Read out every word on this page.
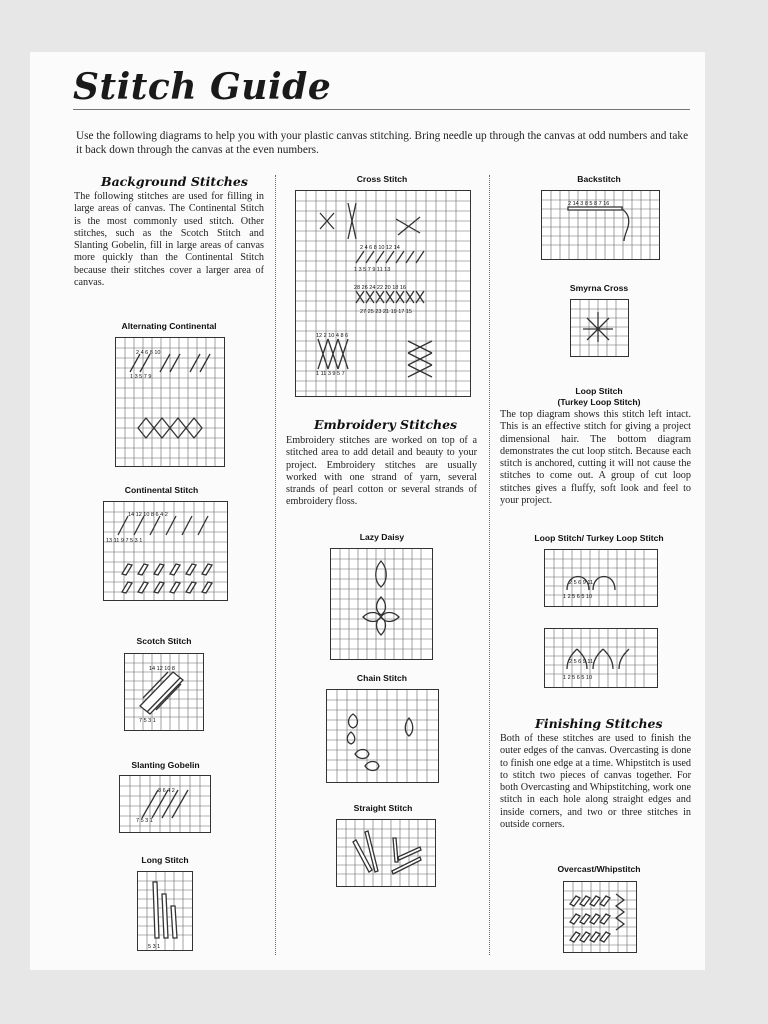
Stitch Guide

Use the following diagrams to help you with your plastic canvas stitching. Bring needle up through the canvas at odd numbers and take it back down through the canvas at the even numbers.

Background Stitches

The following stitches are used for filling in large areas of canvas. The Continental Stitch is the most commonly used stitch. Other stitches, such as the Scotch Stitch and Slanting Gobelin, fill in large areas of canvas more quickly than the Continental Stitch because their stitches cover a larger area of canvas.

Alternating Continental
2 4 6 8 10
1 3 5 7 9
Continental Stitch
14 12 10 8 6 4 2
13 11 9 7 5 3 1
Scotch Stitch
14 12 10 8
7 5 3 1
Slanting Gobelin
8 6 4 2
7 5 3 1
Long Stitch
5 3 1
Cross Stitch
2 4 6 8 10 12 14
1 3 5 7 9 11 13
28 26 24 22 20 18 16
27 25 23 21 19 17 15
12 2 10 4 8 6
1 11 3 9 5 7
Embroidery Stitches

Embroidery stitches are worked on top of a stitched area to add detail and beauty to your project. Embroidery stitches are usually worked with one strand of yarn, several strands of pearl cotton or several strands of embroidery floss.

Lazy Daisy
Chain Stitch
Straight Stitch
Backstitch
2 14 3 8 5 8 7 16
Smyrna Cross
Loop Stitch
(Turkey Loop Stitch)

The top diagram shows this stitch left intact. This is an effective stitch for giving a project dimensional hair. The bottom diagram demonstrates the cut loop stitch. Because each stitch is anchored, cutting it will not cause the stitches to come out. A group of cut loop stitches gives a fluffy, soft look and feel to your project.

Loop Stitch/ Turkey Loop Stitch
2 5 6 9 11
1 2 5 6 5 10
2 5 6 9 11
1 2 5 6 5 10
Finishing Stitches

Both of these stitches are used to finish the outer edges of the canvas. Overcasting is done to finish one edge at a time. Whipstitch is used to stitch two pieces of canvas together. For both Overcasting and Whipstitching, work one stitch in each hole along straight edges and inside corners, and two or three stitches in outside corners.

Overcast/Whipstitch
